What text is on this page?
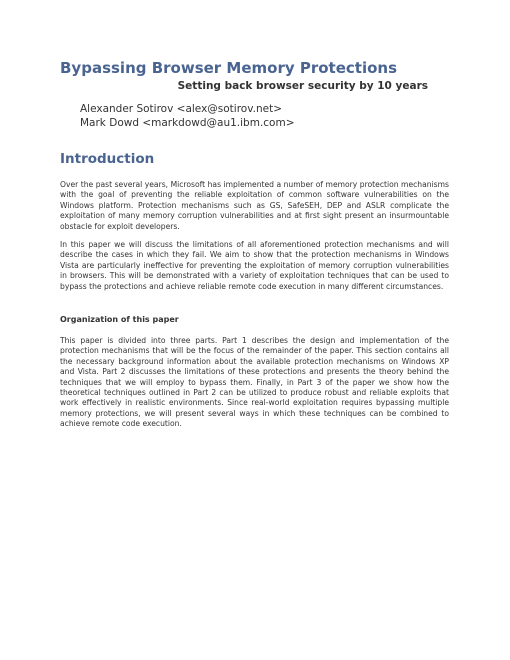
Bypassing Browser Memory Protections
Setting back browser security by 10 years
Alexander Sotirov <alex@sotirov.net>
Mark Dowd <markdowd@au1.ibm.com>
Introduction

Over the past several years, Microsoft has implemented a number of memory protection mechanisms with the goal of preventing the reliable exploitation of common software vulnerabilities on the Windows platform. Protection mechanisms such as GS, SafeSEH, DEP and ASLR complicate the exploitation of many memory corruption vulnerabilities and at first sight present an insurmountable obstacle for exploit developers.

In this paper we will discuss the limitations of all aforementioned protection mechanisms and will describe the cases in which they fail. We aim to show that the protection mechanisms in Windows Vista are particularly ineffective for preventing the exploitation of memory corruption vulnerabilities in browsers. This will be demonstrated with a variety of exploitation techniques that can be used to bypass the protections and achieve reliable remote code execution in many different circumstances.

Organization of this paper

This paper is divided into three parts. Part 1 describes the design and implementation of the protection mechanisms that will be the focus of the remainder of the paper. This section contains all the necessary background information about the available protection mechanisms on Windows XP and Vista. Part 2 discusses the limitations of these protections and presents the theory behind the techniques that we will employ to bypass them. Finally, in Part 3 of the paper we show how the theoretical techniques outlined in Part 2 can be utilized to produce robust and reliable exploits that work effectively in realistic environments. Since real-world exploitation requires bypassing multiple memory protections, we will present several ways in which these techniques can be combined to achieve remote code execution.
